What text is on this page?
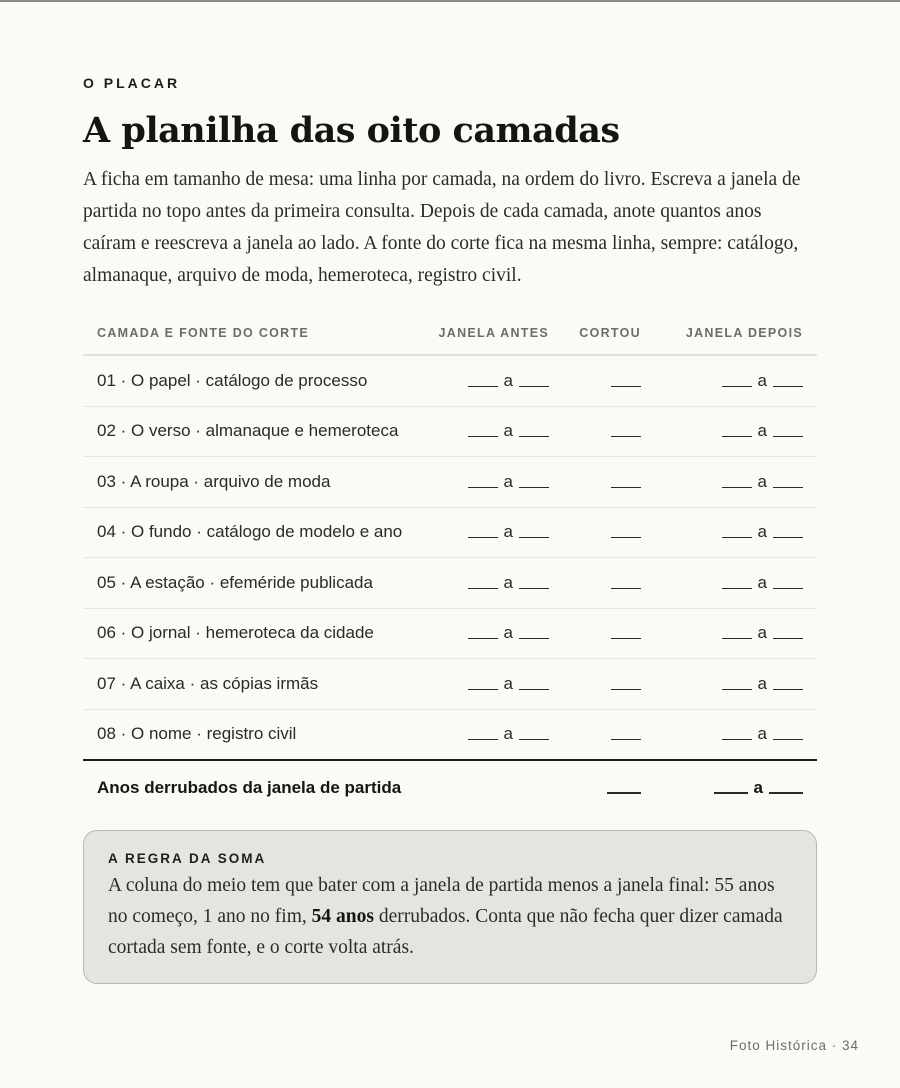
O PLACAR
A planilha das oito camadas

A ficha em tamanho de mesa: uma linha por camada, na ordem do livro. Escreva a janela de partida no topo antes da primeira consulta. Depois de cada camada, anote quantos anos caíram e reescreva a janela ao lado. A fonte do corte fica na mesma linha, sempre: catálogo, almanaque, arquivo de moda, hemeroteca, registro civil.

CAMADA E FONTE DO CORTE	JANELA ANTES	CORTOU	JANELA DEPOIS
01 · O papel · catálogo de processo	a		a
02 · O verso · almanaque e hemeroteca	a		a
03 · A roupa · arquivo de moda	a		a
04 · O fundo · catálogo de modelo e ano	a		a
05 · A estação · efeméride publicada	a		a
06 · O jornal · hemeroteca da cidade	a		a
07 · A caixa · as cópias irmãs	a		a
08 · O nome · registro civil	a		a
Anos derrubados da janela de partida			a
A REGRA DA SOMA

A coluna do meio tem que bater com a janela de partida menos a janela final: 55 anos no começo, 1 ano no fim, 54 anos derrubados. Conta que não fecha quer dizer camada cortada sem fonte, e o corte volta atrás.

Foto Histórica · 34
